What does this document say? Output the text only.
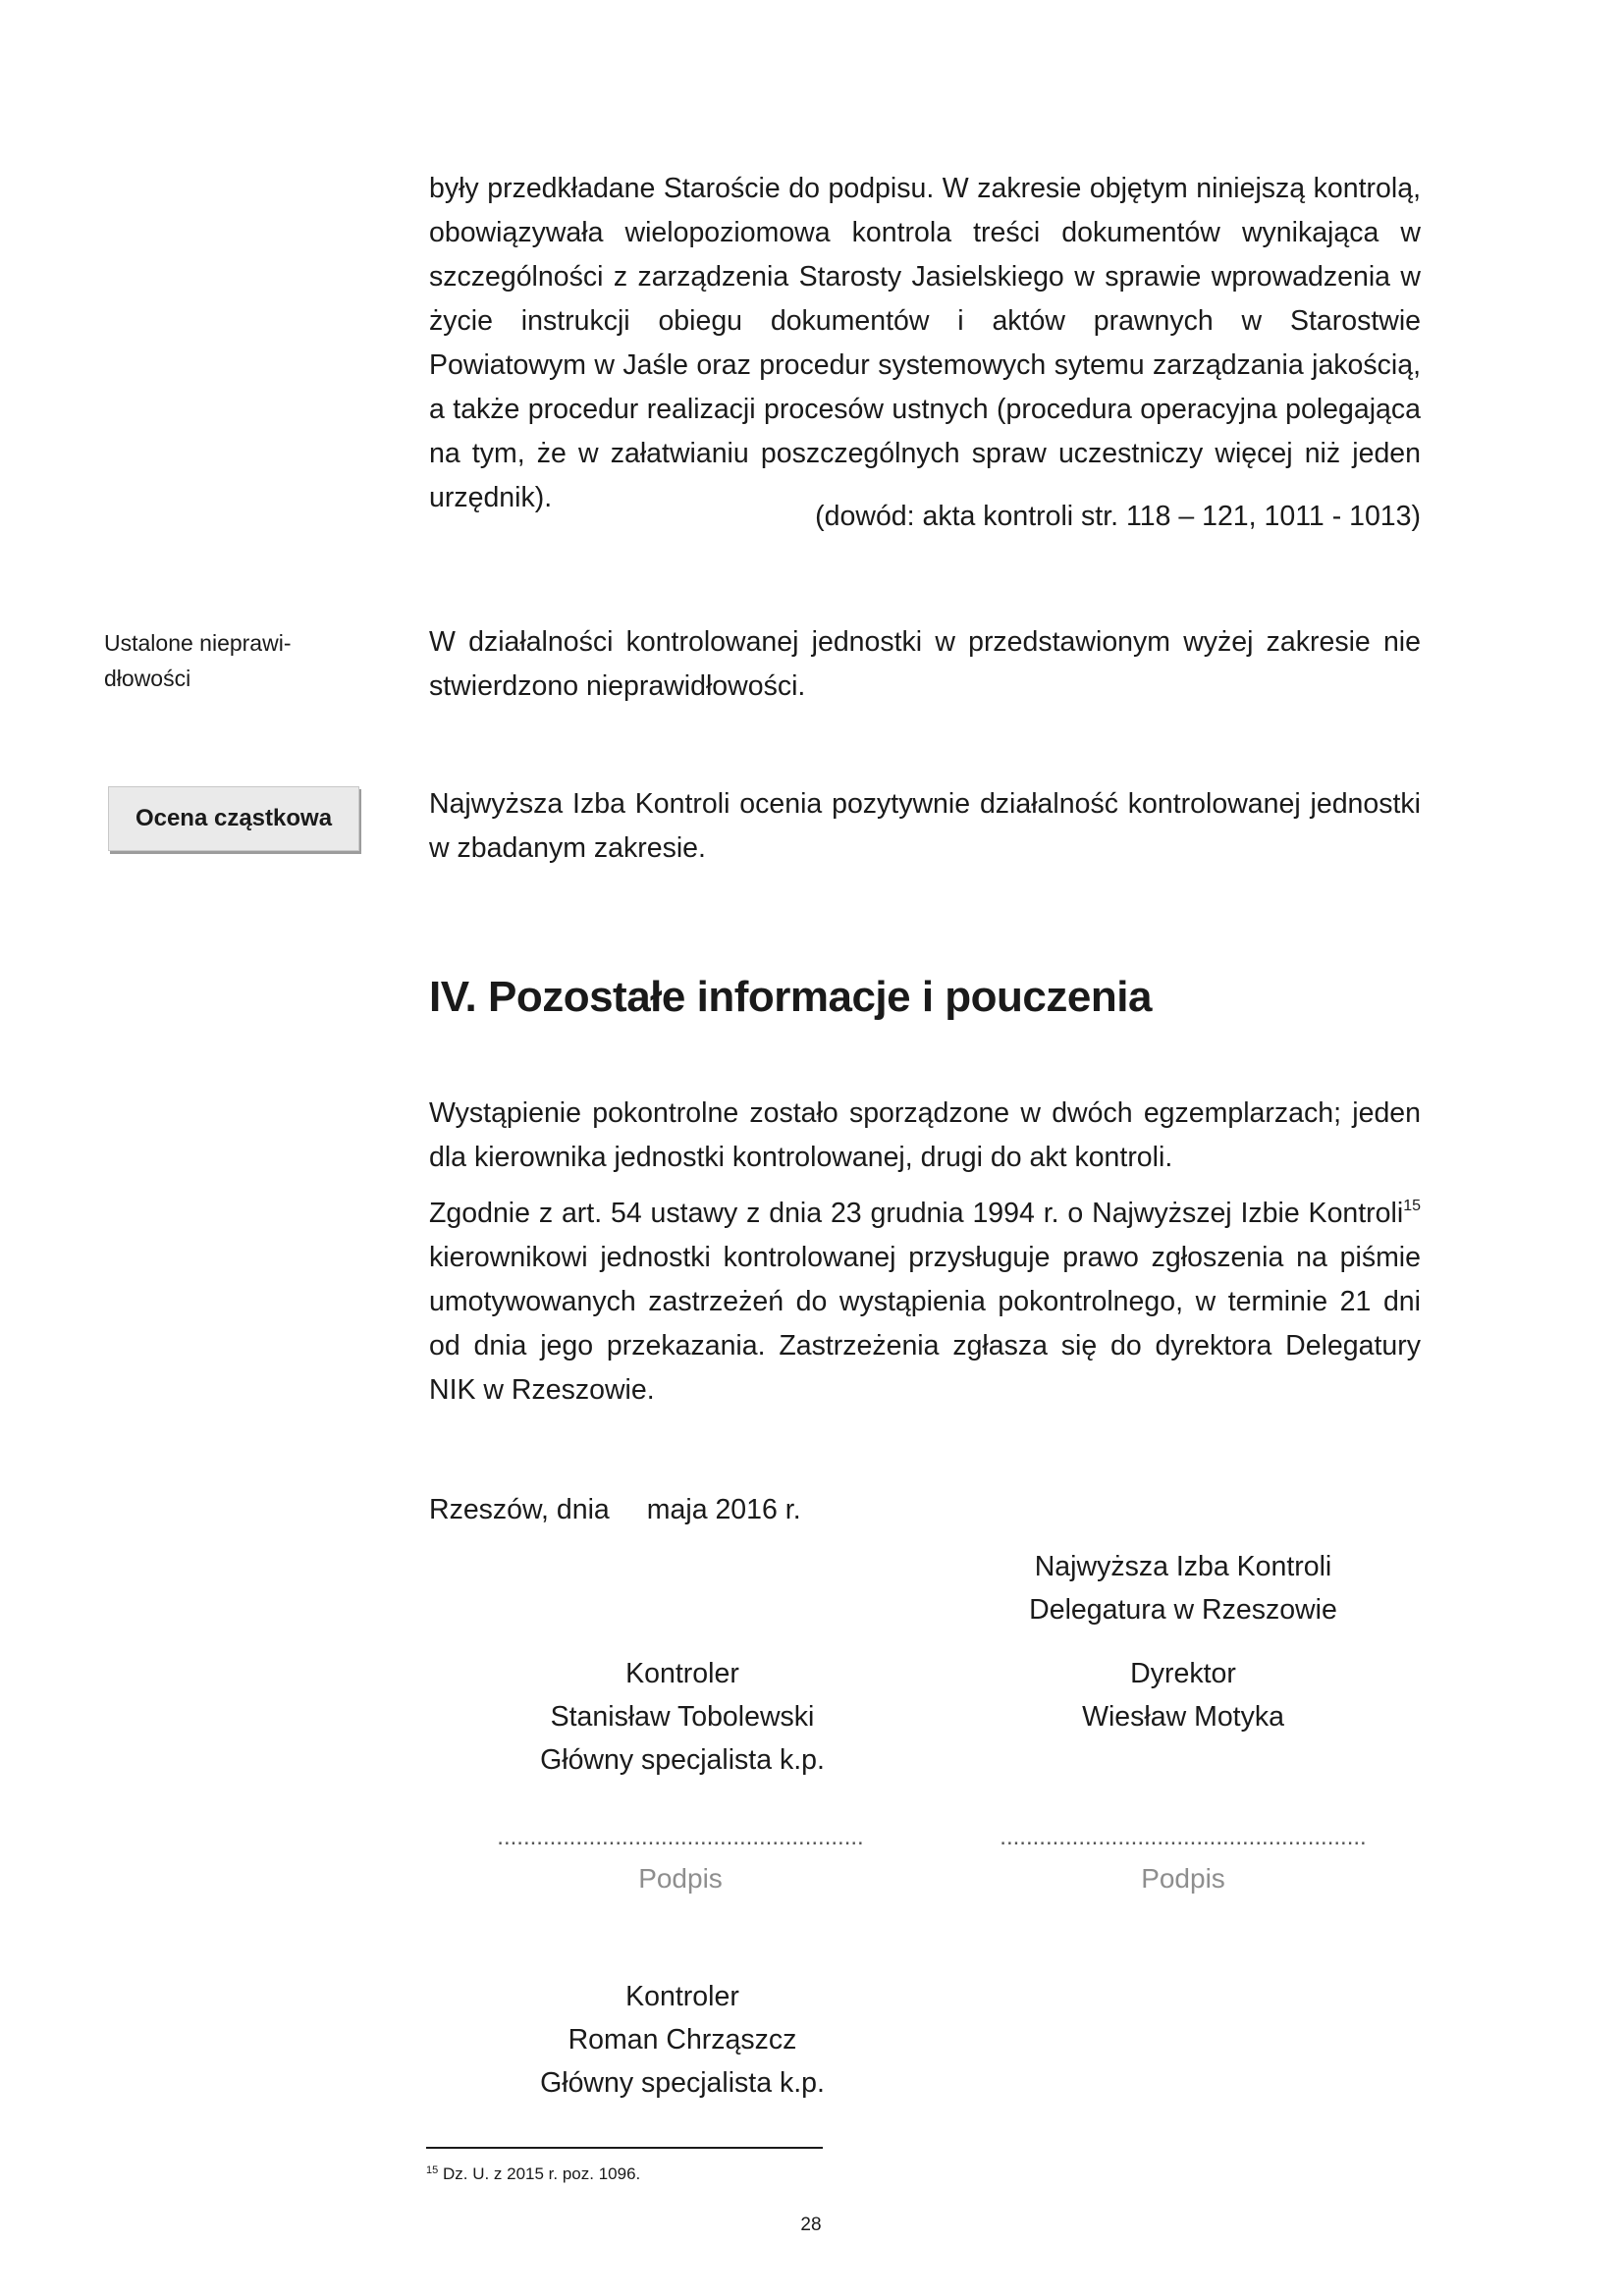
były przedkładane Staroście do podpisu. W zakresie objętym niniejszą kontrolą, obowiązywała wielopoziomowa kontrola treści dokumentów wynikająca w szczególności z zarządzenia Starosty Jasielskiego w sprawie wprowadzenia w życie instrukcji obiegu dokumentów i aktów prawnych w Starostwie Powiatowym w Jaśle oraz procedur systemowych sytemu zarządzania jakością, a także procedur realizacji procesów ustnych (procedura operacyjna polegająca na tym, że w załatwianiu poszczególnych spraw uczestniczy więcej niż jeden urzędnik).

(dowód: akta kontroli str. 118 – 121, 1011 - 1013)
Ustalone nieprawi-dłowości
W działalności kontrolowanej jednostki w przedstawionym wyżej zakresie nie stwierdzono nieprawidłowości.
Ocena cząstkowa	Najwyższa Izba Kontroli ocenia pozytywnie działalność kontrolowanej jednostki w zbadanym zakresie.
IV. Pozostałe informacje i pouczenia

Wystąpienie pokontrolne zostało sporządzone w dwóch egzemplarzach; jeden dla kierownika jednostki kontrolowanej, drugi do akt kontroli.

Zgodnie z art. 54 ustawy z dnia 23 grudnia 1994 r. o Najwyższej Izbie Kontroli$^{15}$ kierownikowi jednostki kontrolowanej przysługuje prawo zgłoszenia na piśmie umotywowanych zastrzeżeń do wystąpienia pokontrolnego, w terminie 21 dni od dnia jego przekazania. Zastrzeżenia zgłasza się do dyrektora Delegatury NIK w Rzeszowie.

Rzeszów, dnia maja 2016 r.
Najwyższa Izba Kontroli
Delegatura w Rzeszowie
Kontroler
Stanisław Tobolewski
Główny specjalista k.p.
Dyrektor
Wiesław Motyka
........................................................
Podpis
........................................................
Podpis
Kontroler
Roman Chrząszcz
Główny specjalista k.p.
$^{15}$ Dz. U. z 2015 r. poz. 1096.
28
